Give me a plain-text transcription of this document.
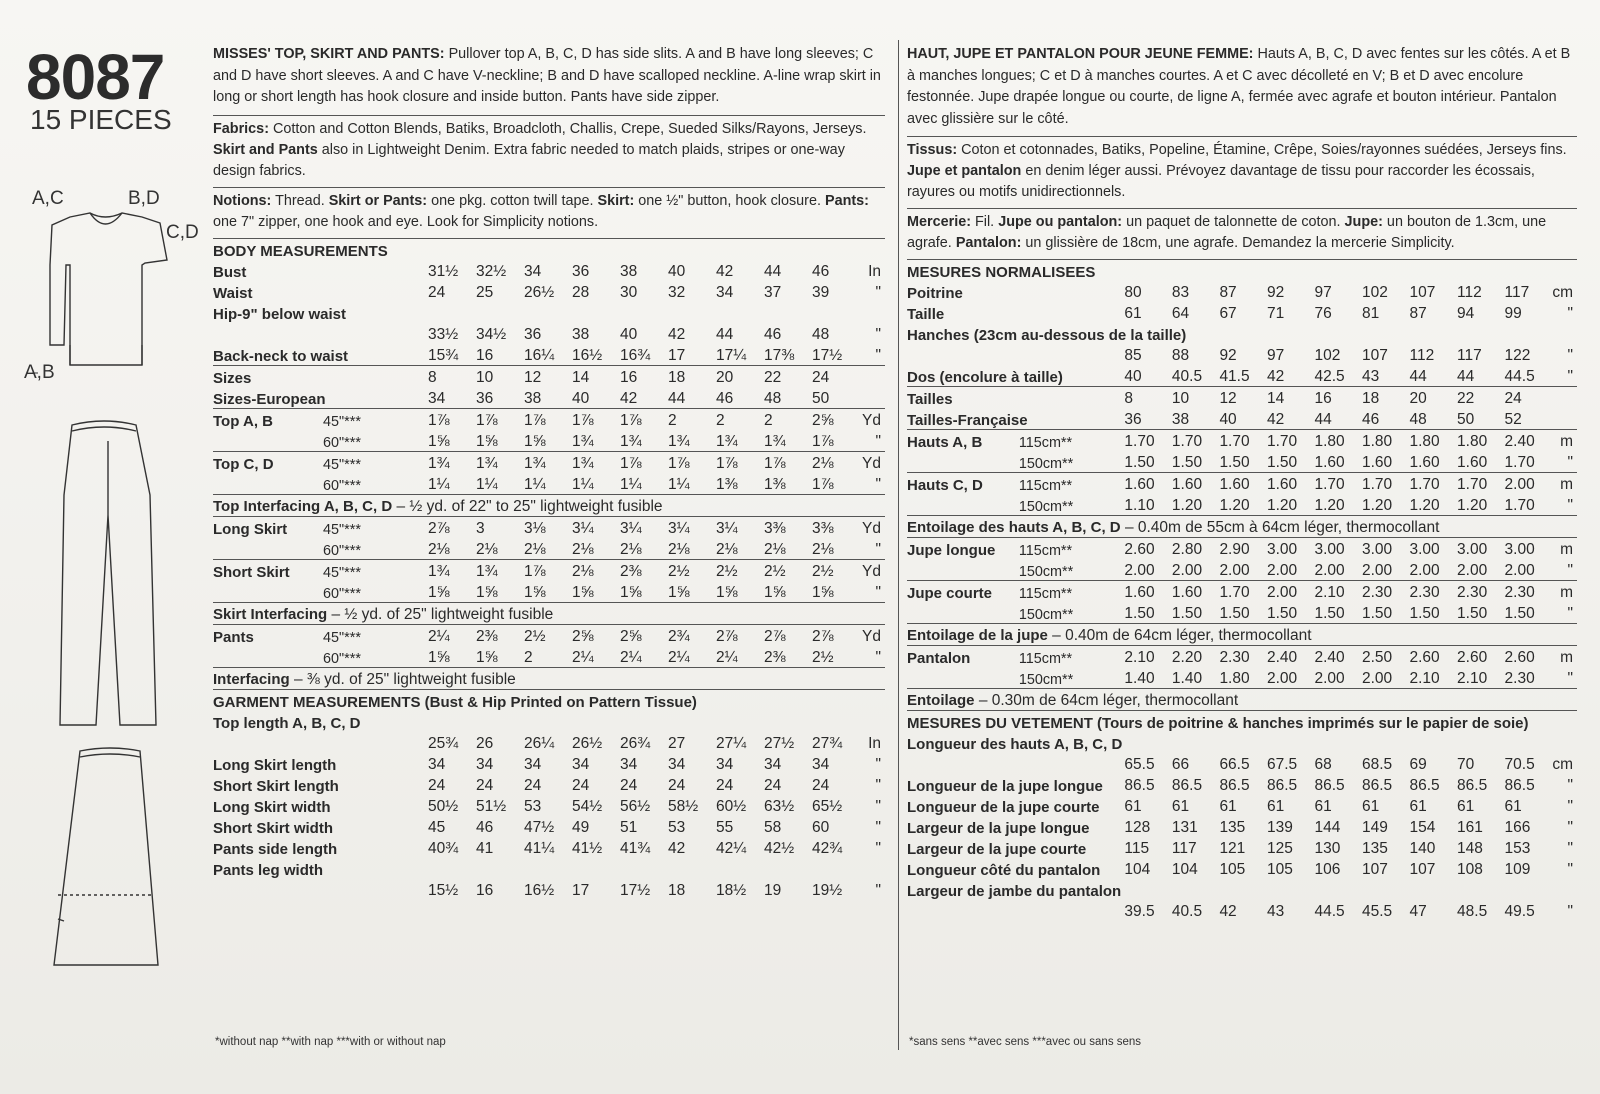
8087
15 PIECES
A,C	B,D
C,D
A,B
MISSES' TOP, SKIRT AND PANTS: Pullover top A, B, C, D has side slits. A and B have long sleeves; C and D have short sleeves. A and C have V-neckline; B and D have scalloped neckline. A-line wrap skirt in long or short length has hook closure and inside button. Pants have side zipper.
Fabrics: Cotton and Cotton Blends, Batiks, Broadcloth, Challis, Crepe, Sueded Silks/Rayons, Jerseys. Skirt and Pants also in Lightweight Denim. Extra fabric needed to match plaids, stripes or one-way design fabrics.
Notions: Thread. Skirt or Pants: one pkg. cotton twill tape. Skirt: one ½" button, hook closure. Pants: one 7" zipper, one hook and eye. Look for Simplicity notions.
BODY MEASUREMENTS											
Bust		31½	32½	34	36	38	40	42	44	46	In
Waist		24	25	26½	28	30	32	34	37	39	"
Hip-9" below waist											
		33½	34½	36	38	40	42	44	46	48	"
Back-neck to waist		15¾	16	16¼	16½	16¾	17	17¼	17⅜	17½	"
Sizes		8	10	12	14	16	18	20	22	24	
Sizes-European		34	36	38	40	42	44	46	48	50	
Top A, B	45"***	1⅞	1⅞	1⅞	1⅞	1⅞	2	2	2	2⅝	Yd
	60"***	1⅝	1⅝	1⅝	1¾	1¾	1¾	1¾	1¾	1⅞	"
Top C, D	45"***	1¾	1¾	1¾	1¾	1⅞	1⅞	1⅞	1⅞	2⅛	Yd
	60"***	1¼	1¼	1¼	1¼	1¼	1¼	1⅜	1⅜	1⅞	"
Top Interfacing A, B, C, D – ½ yd. of 22" to 25" lightweight fusible											
Long Skirt	45"***	2⅞	3	3⅛	3¼	3¼	3¼	3¼	3⅜	3⅜	Yd
	60"***	2⅛	2⅛	2⅛	2⅛	2⅛	2⅛	2⅛	2⅛	2⅛	"
Short Skirt	45"***	1¾	1¾	1⅞	2⅛	2⅜	2½	2½	2½	2½	Yd
	60"***	1⅝	1⅝	1⅝	1⅝	1⅝	1⅝	1⅝	1⅝	1⅝	"
Skirt Interfacing – ½ yd. of 25" lightweight fusible											
Pants	45"***	2¼	2⅜	2½	2⅝	2⅝	2¾	2⅞	2⅞	2⅞	Yd
	60"***	1⅝	1⅝	2	2¼	2¼	2¼	2¼	2⅜	2½	"
Interfacing – ⅜ yd. of 25" lightweight fusible											
GARMENT MEASUREMENTS (Bust & Hip Printed on Pattern Tissue)											
Top length A, B, C, D											
		25¾	26	26¼	26½	26¾	27	27¼	27½	27¾	In
Long Skirt length		34	34	34	34	34	34	34	34	34	"
Short Skirt length		24	24	24	24	24	24	24	24	24	"
Long Skirt width		50½	51½	53	54½	56½	58½	60½	63½	65½	"
Short Skirt width		45	46	47½	49	51	53	55	58	60	"
Pants side length		40¾	41	41¼	41½	41¾	42	42¼	42½	42¾	"
Pants leg width											
		15½	16	16½	17	17½	18	18½	19	19½	"
*without nap **with nap ***with or without nap
HAUT, JUPE ET PANTALON POUR JEUNE FEMME: Hauts A, B, C, D avec fentes sur les côtés. A et B à manches longues; C et D à manches courtes. A et C avec décolleté en V; B et D avec encolure festonnée. Jupe drapée longue ou courte, de ligne A, fermée avec agrafe et bouton intérieur. Pantalon avec glissière sur le côté.
Tissus: Coton et cotonnades, Batiks, Popeline, Étamine, Crêpe, Soies/rayonnes suédées, Jerseys fins. Jupe et pantalon en denim léger aussi. Prévoyez davantage de tissu pour raccorder les écossais, rayures ou motifs unidirectionnels.
Mercerie: Fil. Jupe ou pantalon: un paquet de talonnette de coton. Jupe: un bouton de 1.3cm, une agrafe. Pantalon: un glissière de 18cm, une agrafe. Demandez la mercerie Simplicity.
MESURES NORMALISEES											
Poitrine		80	83	87	92	97	102	107	112	117	cm
Taille		61	64	67	71	76	81	87	94	99	"
Hanches (23cm au-dessous de la taille)											
		85	88	92	97	102	107	112	117	122	"
Dos (encolure à taille)		40	40.5	41.5	42	42.5	43	44	44	44.5	"
Tailles		8	10	12	14	16	18	20	22	24	
Tailles-Française		36	38	40	42	44	46	48	50	52	
Hauts A, B	115cm**	1.70	1.70	1.70	1.70	1.80	1.80	1.80	1.80	2.40	m
	150cm**	1.50	1.50	1.50	1.50	1.60	1.60	1.60	1.60	1.70	"
Hauts C, D	115cm**	1.60	1.60	1.60	1.60	1.70	1.70	1.70	1.70	2.00	m
	150cm**	1.10	1.20	1.20	1.20	1.20	1.20	1.20	1.20	1.70	"
Entoilage des hauts A, B, C, D – 0.40m de 55cm à 64cm léger, thermocollant											
Jupe longue	115cm**	2.60	2.80	2.90	3.00	3.00	3.00	3.00	3.00	3.00	m
	150cm**	2.00	2.00	2.00	2.00	2.00	2.00	2.00	2.00	2.00	"
Jupe courte	115cm**	1.60	1.60	1.70	2.00	2.10	2.30	2.30	2.30	2.30	m
	150cm**	1.50	1.50	1.50	1.50	1.50	1.50	1.50	1.50	1.50	"
Entoilage de la jupe – 0.40m de 64cm léger, thermocollant											
Pantalon	115cm**	2.10	2.20	2.30	2.40	2.40	2.50	2.60	2.60	2.60	m
	150cm**	1.40	1.40	1.80	2.00	2.00	2.00	2.10	2.10	2.30	"
Entoilage – 0.30m de 64cm léger, thermocollant											
MESURES DU VETEMENT (Tours de poitrine & hanches imprimés sur le papier de soie)											
Longueur des hauts A, B, C, D											
		65.5	66	66.5	67.5	68	68.5	69	70	70.5	cm
Longueur de la jupe longue		86.5	86.5	86.5	86.5	86.5	86.5	86.5	86.5	86.5	"
Longueur de la jupe courte		61	61	61	61	61	61	61	61	61	"
Largeur de la jupe longue		128	131	135	139	144	149	154	161	166	"
Largeur de la jupe courte		115	117	121	125	130	135	140	148	153	"
Longueur côté du pantalon		104	104	105	105	106	107	107	108	109	"
Largeur de jambe du pantalon											
		39.5	40.5	42	43	44.5	45.5	47	48.5	49.5	"
*sans sens **avec sens ***avec ou sans sens
